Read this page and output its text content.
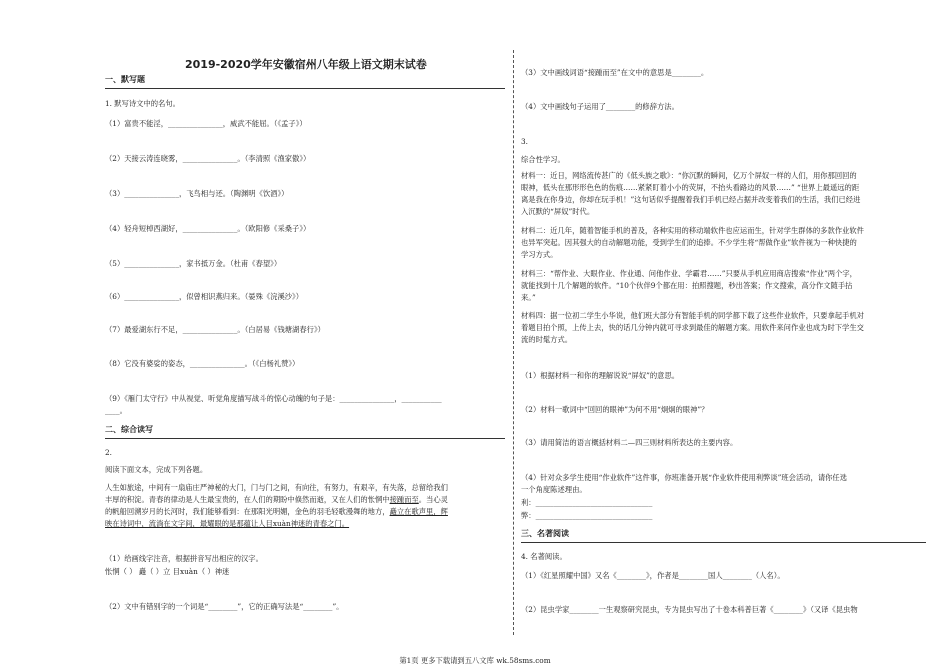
2019-2020学年安徽宿州八年级上语文期末试卷
一、默写题
1. 默写诗文中的名句。
（1）富贵不能淫，_______________，威武不能屈。（《孟子》）
（2）天接云涛连晓雾，_______________。（李清照《渔家傲》）
（3）_______________，飞鸟相与还。（陶渊明《饮酒》）
（4）轻舟短棹西湖好，_______________。（欧阳修《采桑子》）
（5）_______________，家书抵万金。（杜甫《春望》）
（6）_______________，似曾相识燕归来。（晏殊《浣溪沙》）
（7）最爱湖东行不足，_______________。（白居易《钱塘湖春行》）
（8）它没有婆娑的姿态，_______________。（《白杨礼赞》）
（9）《雁门太守行》中从视觉、听觉角度描写战斗的惊心动魄的句子是：_______________，___________
____。
二、综合读写
2.
阅读下面文本，完成下列各题。
人生如旅途，中间有一扇庙庄严神秘的大门，门与门之间，有向往，有努力，有艰辛，有失落，总留给我们
丰厚的积淀。青春的律动是人生最宝贵的，在人们的期盼中倏然而逝，又在人们的怅惘中接踵而至。当心灵
的帆船回溯岁月的长河时，我们能够看到：在那阳光明媚，金色的羽毛轻歌漫舞的地方，矗立在歌声里，辉
映在诗词中，流淌在文字间，最耀眼的是那蕴让人目xuàn神迷的青春之门。
（1）给画线字注音，根据拼音写出相应的汉字。
怅惘（ ） 矗（ ）立 目xuàn（ ）神迷
（2）文中有错别字的一个词是“________”，它的正确写法是“________”。
（3）文中画线词语“接踵而至”在文中的意思是________。
（4）文中画线句子运用了________的修辞方法。
3.
综合性学习。
材料一：近日，网络流传甚广的《低头族之歌》：“你沉默的瞬间，亿万个屏奴一样的人们，用你那回回的
眼神，低头在那形形色色的伤痕……紧紧盯着小小的荧屏，不抬头看路边的风景……” “世界上最遥远的距
离是我在你身边，你却在玩手机！”这句话似乎提醒着我们手机已经占据并改变着我们的生活，我们已经进
入沉默的“屏奴”时代。
材料二：近几年，随着智能手机的普及，各种实用的移动端软件也应运而生，针对学生群体的多款作业软件
也异军突起。因其强大的自动解题功能，受到学生们的追捧。不少学生将“帮做作业”软件视为一种快捷的
学习方式。
材料三：“帮作业、大眼作业、作业通、问他作业、学霸君……”只要从手机应用商店搜索“作业”两个字，
就能找到十几个解题的软件。“10个伙伴9个都在用：拍照搜题，秒出答案；作文搜索，高分作文随手拈
来。”
材料四：据一位初二学生小华说，他们班大部分有智能手机的同学都下载了这些作业软件，只要拿起手机对
着题目拍个照，上传上去，快的话几分钟内就可寻求到最佳的解题方案。用软件来问作业也成为时下学生交
流的时髦方式。
（1）根据材料一和你的理解说说“屏奴”的意思。
（2）材料一歌词中“回回的眼神”为何不用“炯炯的眼神”？
（3）请用简洁的语言概括材料二—四三则材料所表达的主要内容。
（4）针对众多学生使用“作业软件”这件事，你班准备开展“作业软件使用利弊谈”班会活动，请你任选
一个角度陈述理由。
利：________________________________
弊：________________________________
三、名著阅读
4. 名著阅读。
（1）《红星照耀中国》又名《________》，作者是________国人________（人名）。
（2）昆虫学家________一生观察研究昆虫，专为昆虫写出了十卷本科普巨著《________》（又译《昆虫物
第1页 更多下载请到五八文库 wk.58sms.com
